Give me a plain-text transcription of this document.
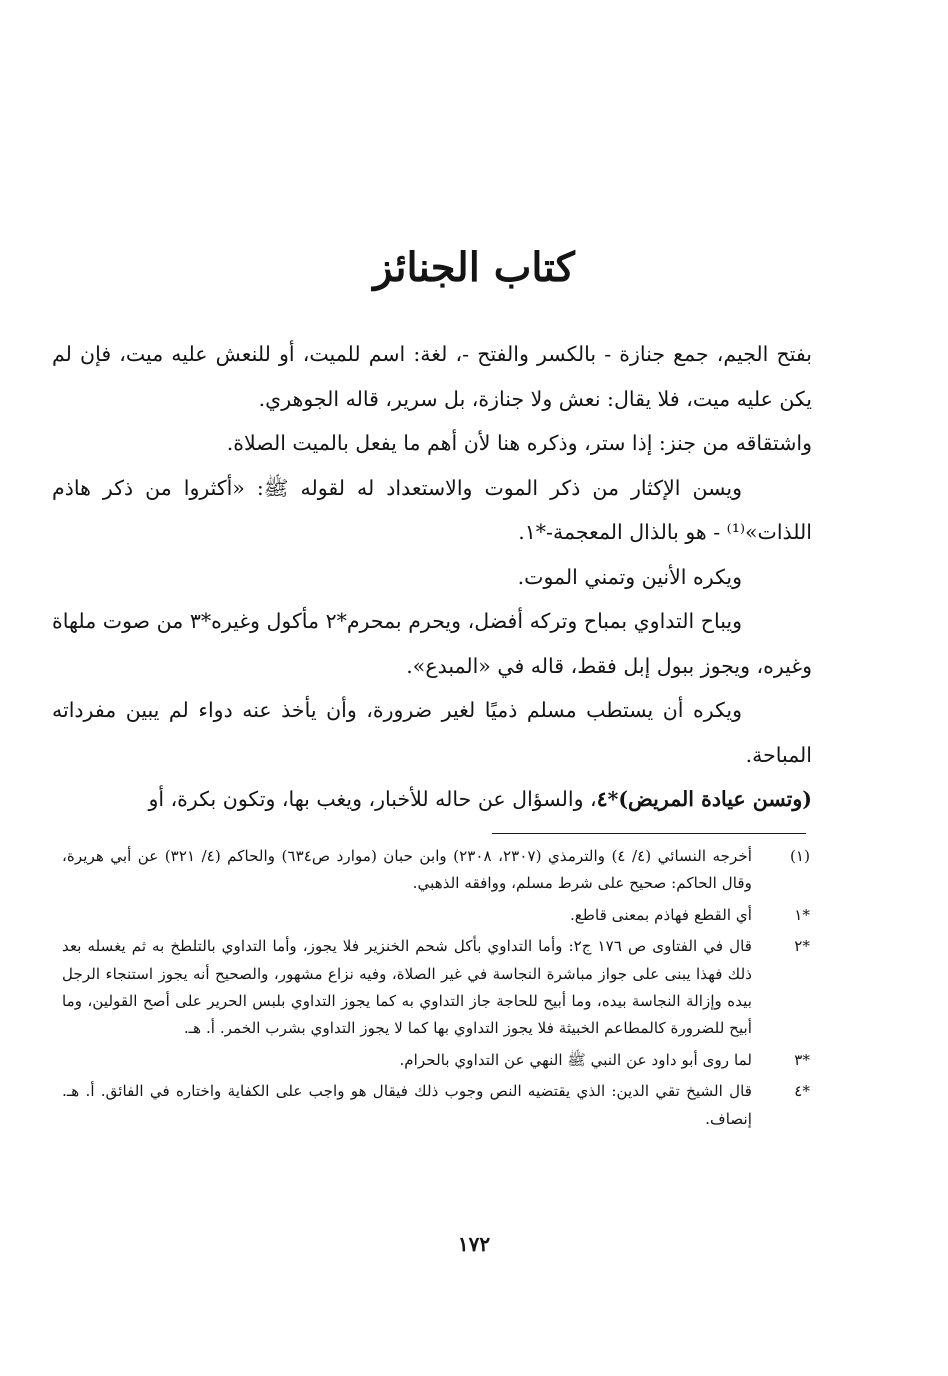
كتاب الجنائز

بفتح الجيم، جمع جنازة - بالكسر والفتح -، لغة: اسم للميت، أو للنعش عليه ميت، فإن لم يكن عليه ميت، فلا يقال: نعش ولا جنازة، بل سرير، قاله الجوهري.

واشتقاقه من جنز: إذا ستر، وذكره هنا لأن أهم ما يفعل بالميت الصلاة.

ويسن الإكثار من ذكر الموت والاستعداد له لقوله ﷺ: «أكثروا من ذكر هاذم اللذات»⁽¹⁾ - هو بالذال المعجمة-*١.

ويكره الأنين وتمني الموت.

ويباح التداوي بمباح وتركه أفضل، ويحرم بمحرم*٢ مأكول وغيره*٣ من صوت ملهاة وغيره، ويجوز ببول إبل فقط، قاله في «المبدع».

ويكره أن يستطب مسلم ذميًا لغير ضرورة، وأن يأخذ عنه دواء لم يبين مفرداته المباحة.

(وتسن عيادة المريض)*٤، والسؤال عن حاله للأخبار، ويغب بها، وتكون بكرة، أو

(١)
أخرجه النسائي (٤/ ٤) والترمذي (٢٣٠٧، ٢٣٠٨) وابن حبان (موارد ص٦٣٤) والحاكم (٤/ ٣٢١) عن أبي هريرة، وقال الحاكم: صحيح على شرط مسلم، ووافقه الذهبي.
*١
أي القطع فهاذم بمعنى قاطع.
*٢
قال في الفتاوى ص ١٧٦ ج٢: وأما التداوي بأكل شحم الخنزير فلا يجوز، وأما التداوي بالتلطخ به ثم يغسله بعد ذلك فهذا يبنى على جواز مباشرة النجاسة في غير الصلاة، وفيه نزاع مشهور، والصحيح أنه يجوز استنجاء الرجل بيده وإزالة النجاسة بيده، وما أبيح للحاجة جاز التداوي به كما يجوز التداوي بلبس الحرير على أصح القولين، وما أبيح للضرورة كالمطاعم الخبيثة فلا يجوز التداوي بها كما لا يجوز التداوي بشرب الخمر. أ. هـ.
*٣
لما روى أبو داود عن النبي ﷺ النهي عن التداوي بالحرام.
*٤
قال الشيخ تقي الدين: الذي يقتضيه النص وجوب ذلك فيقال هو واجب على الكفاية واختاره في الفائق. أ. هـ. إنصاف.
١٧٢
